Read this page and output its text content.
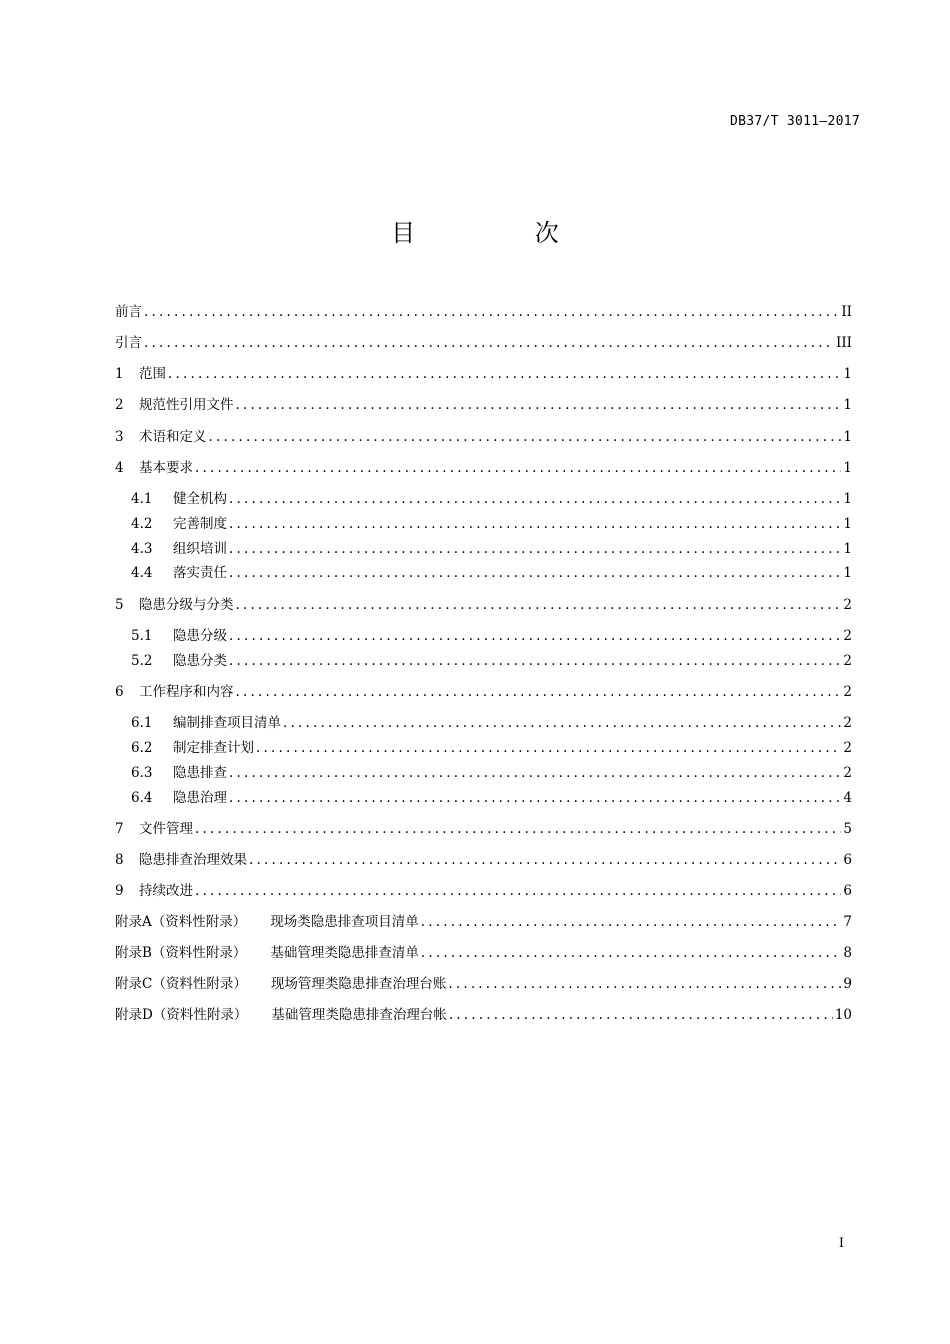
DB37/T 3011—2017
目 次
前言 .....	II
引言 .....	III
1	范围 .....	1
2	规范性引用文件 .....	1
3	术语和定义 .....	1
4	基本要求 .....	1
4.1	健全机构 .....	1
4.2	完善制度 .....	1
4.3	组织培训 .....	1
4.4	落实责任 .....	1
5	隐患分级与分类 .....	2
5.1	隐患分级 .....	2
5.2	隐患分类 .....	2
6	工作程序和内容 .....	2
6.1	编制排查项目清单 .....	2
6.2	制定排查计划 .....	2
6.3	隐患排查 .....	2
6.4	隐患治理 .....	4
7	文件管理 .....	5
8	隐患排查治理效果 .....	6
9	持续改进 .....	6
附录A（资料性附录）	现场类隐患排查项目清单 .....	7
附录B（资料性附录）	基础管理类隐患排查清单 .....	8
附录C（资料性附录）	现场管理类隐患排查治理台账 .....	9
附录D（资料性附录）	基础管理类隐患排查治理台帐 .....	10
I
